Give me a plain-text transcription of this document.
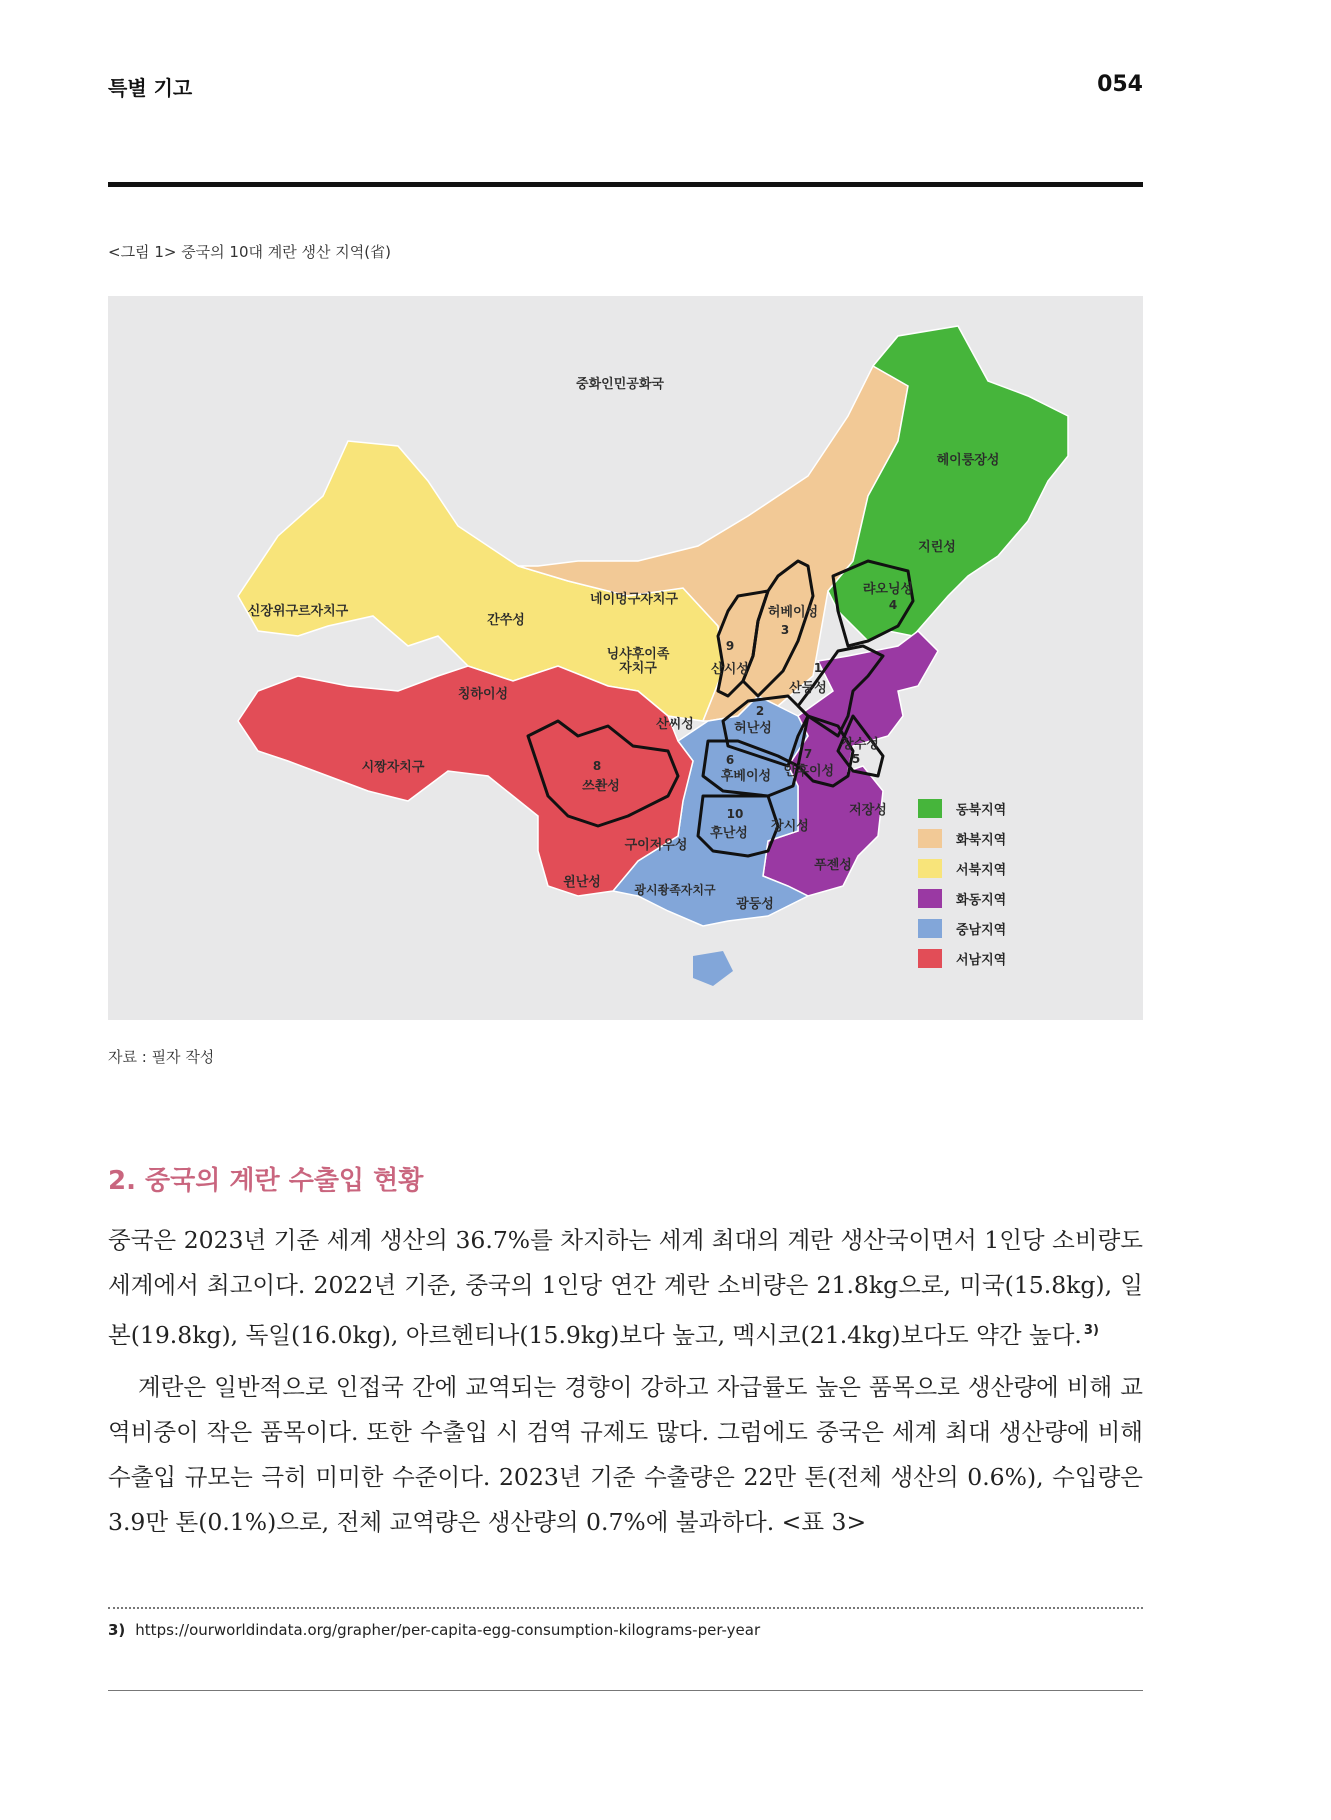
특별 기고	054
<그림 1> 중국의 10대 계란 생산 지역(省)
중화인민공화국
헤이룽장성
지린성
랴오닝성
4
네이멍구자치구
허베이성
3
9
산시성
신장위구르자치구
간쑤성
닝샤후이족
자치구
칭하이성
산씨성
1
산둥성
2
허난성
장수성
5
7
안후이성
6
후베이성
시짱자치구	8
쓰촨성
저장성
장시성
10
후난성
구이저우성
푸젠성
윈난성	광시좡족자치구
광둥성
동북지역
화북지역
서북지역
화동지역
중남지역
서남지역
자료 : 필자 작성
2. 중국의 계란 수출입 현황
중국은 2023년 기준 세계 생산의 36.7%를 차지하는 세계 최대의 계란 생산국이면서 1인당 소비량도 세계에서 최고이다. 2022년 기준, 중국의 1인당 연간 계란 소비량은 21.8kg으로, 미국(15.8kg), 일본(19.8kg), 독일(16.0kg), 아르헨티나(15.9kg)보다 높고, 멕시코(21.4kg)보다도 약간 높다. $^{3)}$
계란은 일반적으로 인접국 간에 교역되는 경향이 강하고 자급률도 높은 품목으로 생산량에 비해 교역비중이 작은 품목이다. 또한 수출입 시 검역 규제도 많다. 그럼에도 중국은 세계 최대 생산량에 비해 수출입 규모는 극히 미미한 수준이다. 2023년 기준 수출량은 22만 톤(전체 생산의 0.6%), 수입량은 3.9만 톤(0.1%)으로, 전체 교역량은 생산량의 0.7%에 불과하다. <표 3>
3) https://ourworldindata.org/grapher/per-capita-egg-consumption-kilograms-per-year
